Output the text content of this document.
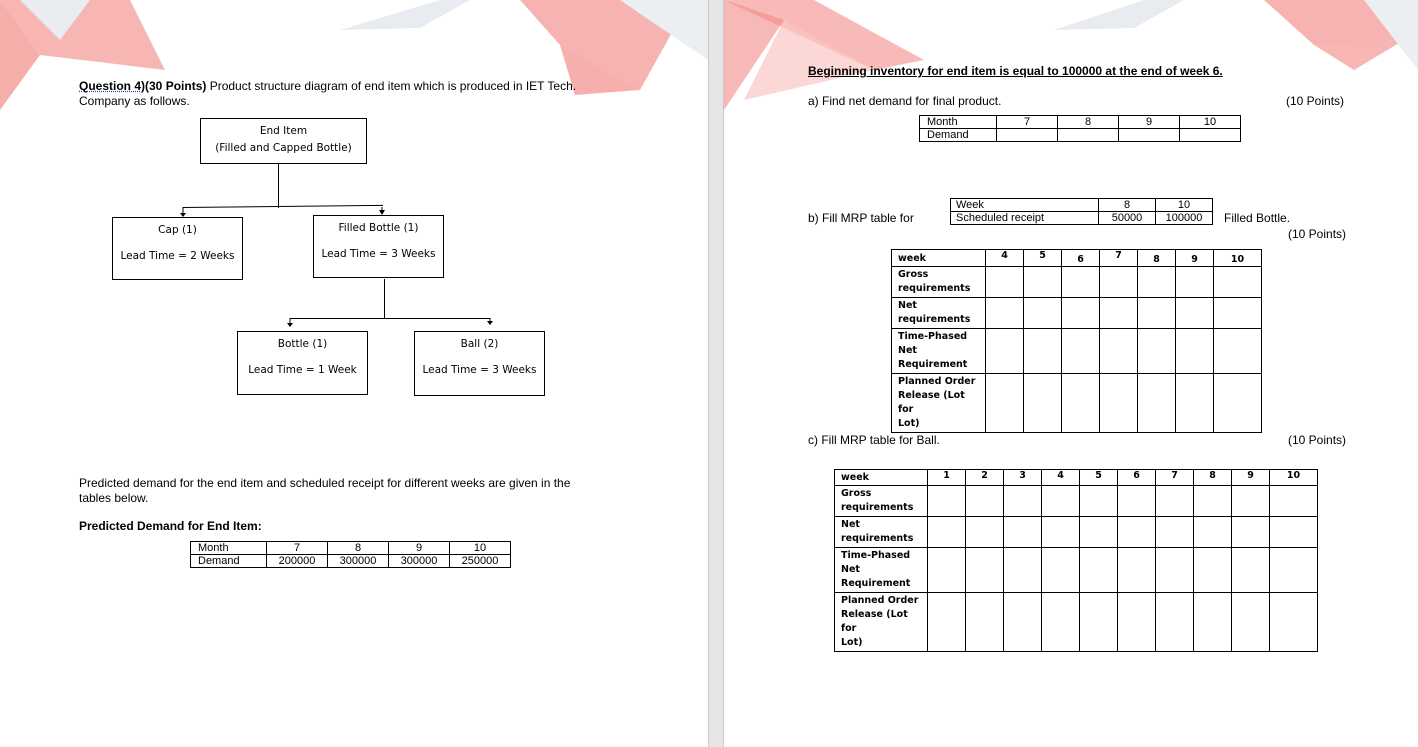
Question 4)(30 Points) Product structure diagram of end item which is produced in IET Tech.
Company as follows.
End Item
(Filled and Capped Bottle)
Cap (1)
Lead Time = 2 Weeks
Filled Bottle (1)
Lead Time = 3 Weeks
Bottle (1)
Lead Time = 1 Week
Ball (2)
Lead Time = 3 Weeks
Predicted demand for the end item and scheduled receipt for different weeks are given in the
tables below.
Predicted Demand for End Item:
Month	7	8	9	10
Demand	200000	300000	300000	250000
Beginning inventory for end item is equal to 100000 at the end of week 6.
a) Find net demand for final product.	(10 Points)
Month	7	8	9	10
Demand				
b) Fill MRP table for
Week	8	10
Scheduled receipt	50000	100000 Filled Bottle.
(10 Points)
week	4	5	6	7	8	9	10
Gross
requirements							
Net
requirements							
Time-Phased
Net
Requirement							
Planned Order
Release (Lot for
Lot)							
c) Fill MRP table for Ball.	(10 Points)
week	1	2	3	4	5	6	7	8	9	10
Gross
requirements										
Net
requirements										
Time-Phased
Net
Requirement										
Planned Order
Release (Lot for
Lot)										
